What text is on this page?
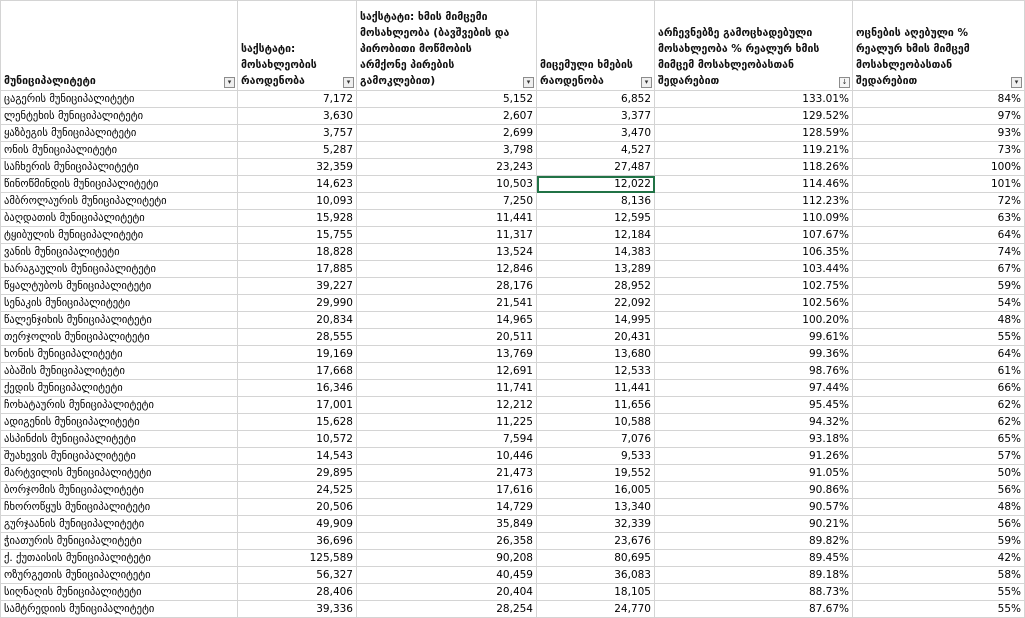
მუნიციპალიტეტი ▾	საქსტატი: მოსახლეობის რაოდენობა ▾	საქსტატი: ხმის მიმცემი მოსახლეობა (ბავშვების და პირობითი მოწმობის არმქონე პირების გამოკლებით) ▾	მიცემული ხმების რაოდენობა ▾	არჩევნებზე გამოცხადებული მოსახლეობა % რეალურ ხმის მიმცემ მოსახლეობასთან შედარებით ↓	ოცნების აღებული % რეალურ ხმის მიმცემ მოსახლეობასთან შედარებით ▾

ცაგერის მუნიციპალიტეტი	7,172	5,152	6,852	133.01%	84%
ლენტეხის მუნიციპალიტეტი	3,630	2,607	3,377	129.52%	97%
ყაზბეგის მუნიციპალიტეტი	3,757	2,699	3,470	128.59%	93%
ონის მუნიციპალიტეტი	5,287	3,798	4,527	119.21%	73%
საჩხერის მუნიციპალიტეტი	32,359	23,243	27,487	118.26%	100%
წინოწმინდის მუნიციპალიტეტი	14,623	10,503	12,022	114.46%	101%
ამბროლაურის მუნიციპალიტეტი	10,093	7,250	8,136	112.23%	72%
ბაღდათის მუნიციპალიტეტი	15,928	11,441	12,595	110.09%	63%
ტყიბულის მუნიციპალიტეტი	15,755	11,317	12,184	107.67%	64%
ვანის მუნიციპალიტეტი	18,828	13,524	14,383	106.35%	74%
ხარაგაულის მუნიციპალიტეტი	17,885	12,846	13,289	103.44%	67%
წყალტუბოს მუნიციპალიტეტი	39,227	28,176	28,952	102.75%	59%
სენაკის მუნიციპალიტეტი	29,990	21,541	22,092	102.56%	54%
წალენჯიხის მუნიციპალიტეტი	20,834	14,965	14,995	100.20%	48%
თერჯოლის მუნიციპალიტეტი	28,555	20,511	20,431	99.61%	55%
ხონის მუნიციპალიტეტი	19,169	13,769	13,680	99.36%	64%
აბაშის მუნიციპალიტეტი	17,668	12,691	12,533	98.76%	61%
ქედის მუნიციპალიტეტი	16,346	11,741	11,441	97.44%	66%
ჩოხატაურის მუნიციპალიტეტი	17,001	12,212	11,656	95.45%	62%
ადიგენის მუნიციპალიტეტი	15,628	11,225	10,588	94.32%	62%
ასპინძის მუნიციპალიტეტი	10,572	7,594	7,076	93.18%	65%
შუახევის მუნიციპალიტეტი	14,543	10,446	9,533	91.26%	57%
მარტვილის მუნიციპალიტეტი	29,895	21,473	19,552	91.05%	50%
ბორჯომის მუნიციპალიტეტი	24,525	17,616	16,005	90.86%	56%
ჩხოროწყუს მუნიციპალიტეტი	20,506	14,729	13,340	90.57%	48%
გურჯაანის მუნიციპალიტეტი	49,909	35,849	32,339	90.21%	56%
ჭიათურის მუნიციპალიტეტი	36,696	26,358	23,676	89.82%	59%
ქ. ქუთაისის მუნიციპალიტეტი	125,589	90,208	80,695	89.45%	42%
ოზურგეთის მუნიციპალიტეტი	56,327	40,459	36,083	89.18%	58%
სიღნაღის მუნიციპალიტეტი	28,406	20,404	18,105	88.73%	55%
სამტრედიის მუნიციპალიტეტი	39,336	28,254	24,770	87.67%	55%
